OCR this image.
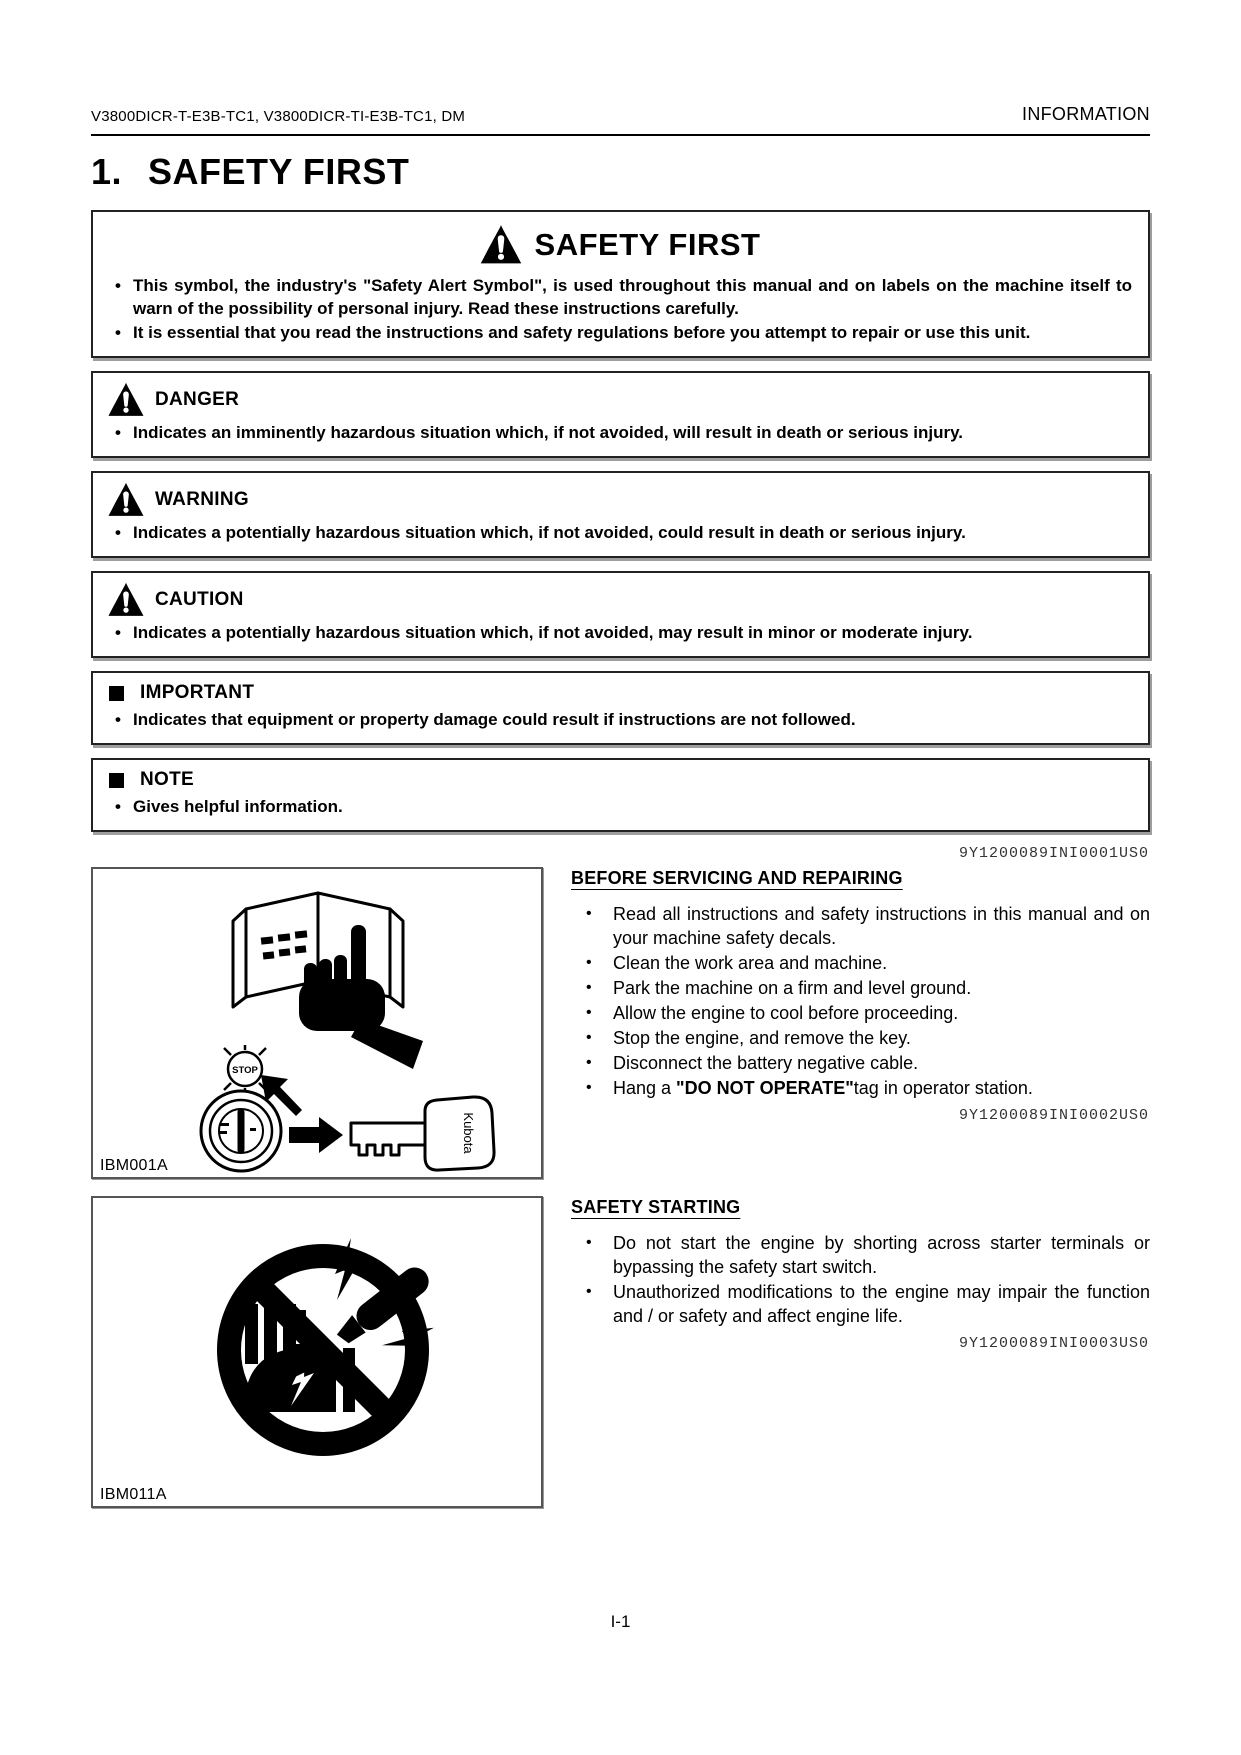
V3800DICR-T-E3B-TC1, V3800DICR-TI-E3B-TC1, DM	INFORMATION
1. SAFETY FIRST
SAFETY FIRST
• This symbol, the industry's "Safety Alert Symbol", is used throughout this manual and on labels on the machine itself to warn of the possibility of personal injury. Read these instructions carefully.
• It is essential that you read the instructions and safety regulations before you attempt to repair or use this unit.
DANGER
• Indicates an imminently hazardous situation which, if not avoided, will result in death or serious injury.
WARNING
• Indicates a potentially hazardous situation which, if not avoided, could result in death or serious injury.
CAUTION
• Indicates a potentially hazardous situation which, if not avoided, may result in minor or moderate injury.
IMPORTANT
• Indicates that equipment or property damage could result if instructions are not followed.
NOTE
• Gives helpful information.
9Y1200089INI0001US0
STOP
Kubota
IBM001A
BEFORE SERVICING AND REPAIRING
•	Read all instructions and safety instructions in this manual and on your machine safety decals.
•	Clean the work area and machine.
•	Park the machine on a firm and level ground.
•	Allow the engine to cool before proceeding.
•	Stop the engine, and remove the key.
•	Disconnect the battery negative cable.
•	Hang a "DO NOT OPERATE"tag in operator station.
9Y1200089INI0002US0
IBM011A
SAFETY STARTING
•	Do not start the engine by shorting across starter terminals or bypassing the safety start switch.
•	Unauthorized modifications to the engine may impair the function and / or safety and affect engine life.
9Y1200089INI0003US0
I-1
